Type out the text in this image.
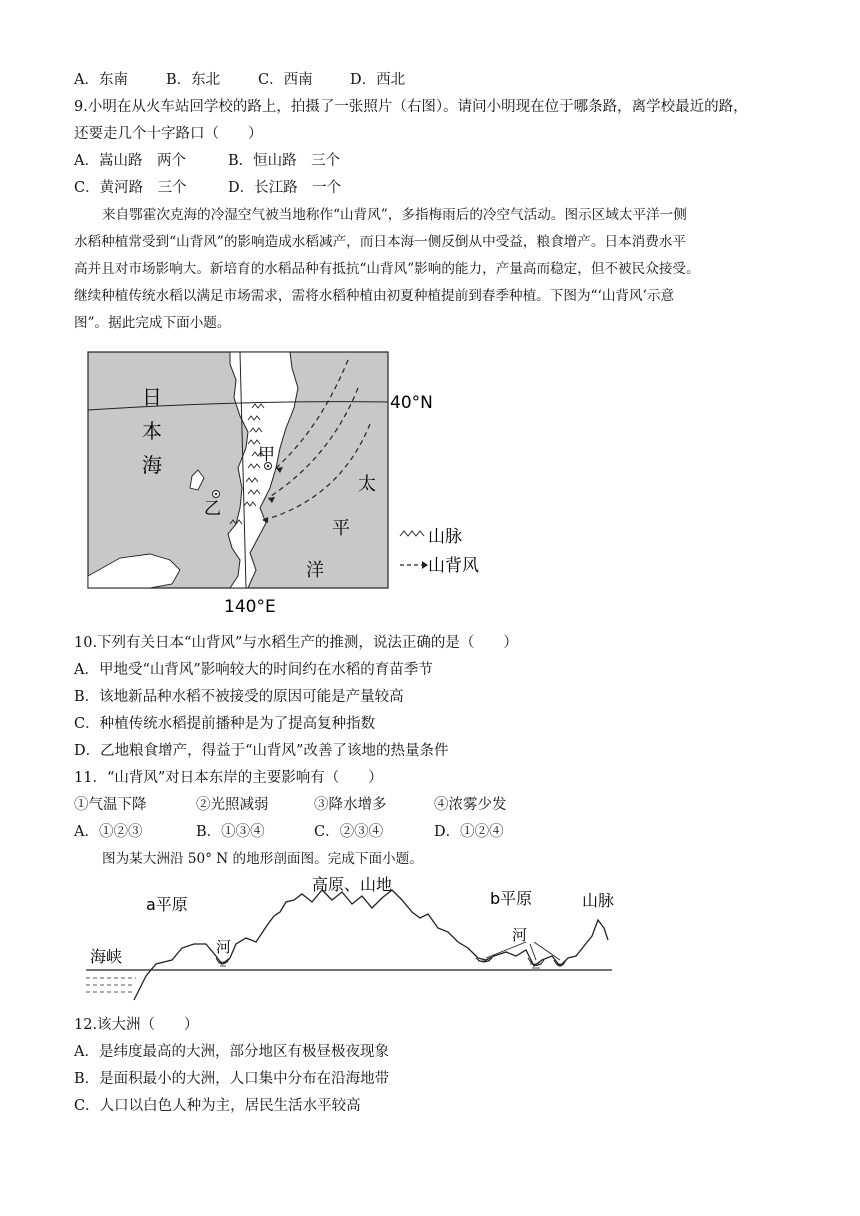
A．东南	B．东北	C．西南	D．西北
9.小明在从火车站回学校的路上，拍摄了一张照片（右图）。请问小明现在位于哪条路，离学校最近的路，
还要走几个十字路口（　　）
A．嵩山路　两个	B．恒山路　三个
C．黄河路　三个	D．长江路　一个
来自鄂霍次克海的冷湿空气被当地称作“山背风”，多指梅雨后的冷空气活动。图示区域太平洋一侧
水稻种植常受到“山背风”的影响造成水稻减产，而日本海一侧反倒从中受益，粮食增产。日本消费水平
高并且对市场影响大。新培育的水稻品种有抵抗“山背风”影响的能力，产量高而稳定，但不被民众接受。
继续种植传统水稻以满足市场需求，需将水稻种植由初夏种植提前到春季种植。下图为“‘山背风’示意
图”。据此完成下面小题。
日
本
海
太
平
洋
40°N
140°E
甲
乙
山脉
山背风
10.下列有关日本“山背风”与水稻生产的推测，说法正确的是（　　）
A．甲地受“山背风”影响较大的时间约在水稻的育苗季节
B．该地新品种水稻不被接受的原因可能是产量较高
C．种植传统水稻提前播种是为了提高复种指数
D．乙地粮食增产，得益于“山背风”改善了该地的热量条件
11．“山背风”对日本东岸的主要影响有（　　）
①气温下降	②光照减弱	③降水增多	④浓雾少发
A．①②③	B．①③④	C．②③④	D．①②④
图为某大洲沿 50° N 的地形剖面图。完成下面小题。
a平原
高原、山地
b平原	山脉
海峡	河
河
12.该大洲（　　）
A．是纬度最高的大洲，部分地区有极昼极夜现象
B．是面积最小的大洲，人口集中分布在沿海地带
C．人口以白色人种为主，居民生活水平较高
